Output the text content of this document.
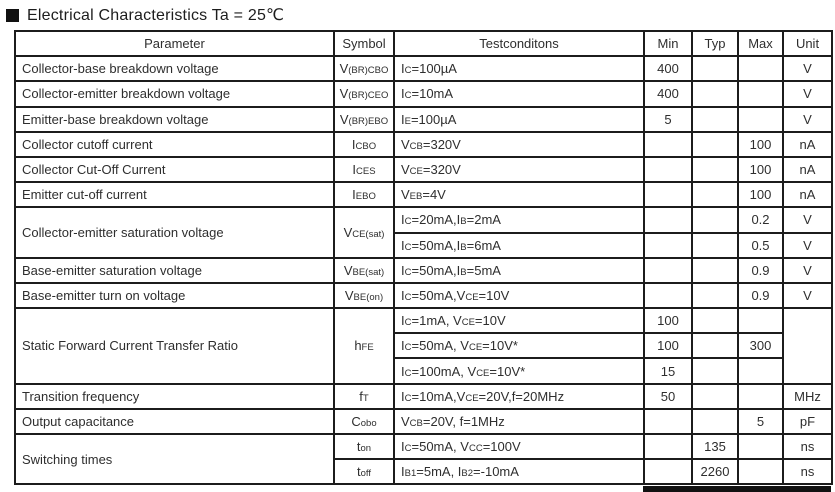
Electrical Characteristics Ta = 25℃
Parameter	Symbol	Testconditons	Min	Typ	Max	Unit
Collector-base breakdown voltage	V(BR)CBO	IC=100µA	400			V
Collector-emitter breakdown voltage	V(BR)CEO	IC=10mA	400			V
Emitter-base breakdown voltage	V(BR)EBO	IE=100µA	5			V
Collector cutoff current	ICBO	VCB=320V			100	nA
Collector Cut-Off Current	ICES	VCE=320V			100	nA
Emitter cut-off current	IEBO	VEB=4V			100	nA
Collector-emitter saturation voltage	VCE(sat)	IC=20mA,IB=2mA			0.2	V
		IC=50mA,IB=6mA			0.5	V
Base-emitter saturation voltage	VBE(sat)	IC=50mA,IB=5mA			0.9	V
Base-emitter turn on voltage	VBE(on)	IC=50mA,VCE=10V			0.9	V
Static Forward Current Transfer Ratio	hFE	IC=1mA, VCE=10V	100			
		IC=50mA, VCE=10V*	100		300	
		IC=100mA, VCE=10V*	15			
Transition frequency	fT	IC=10mA,VCE=20V,f=20MHz	50			MHz
Output capacitance	Cobo	VCB=20V, f=1MHz			5	pF
Switching times	ton	IC=50mA, VCC=100V		135		ns
	toff	IB1=5mA, IB2=-10mA		2260		ns
